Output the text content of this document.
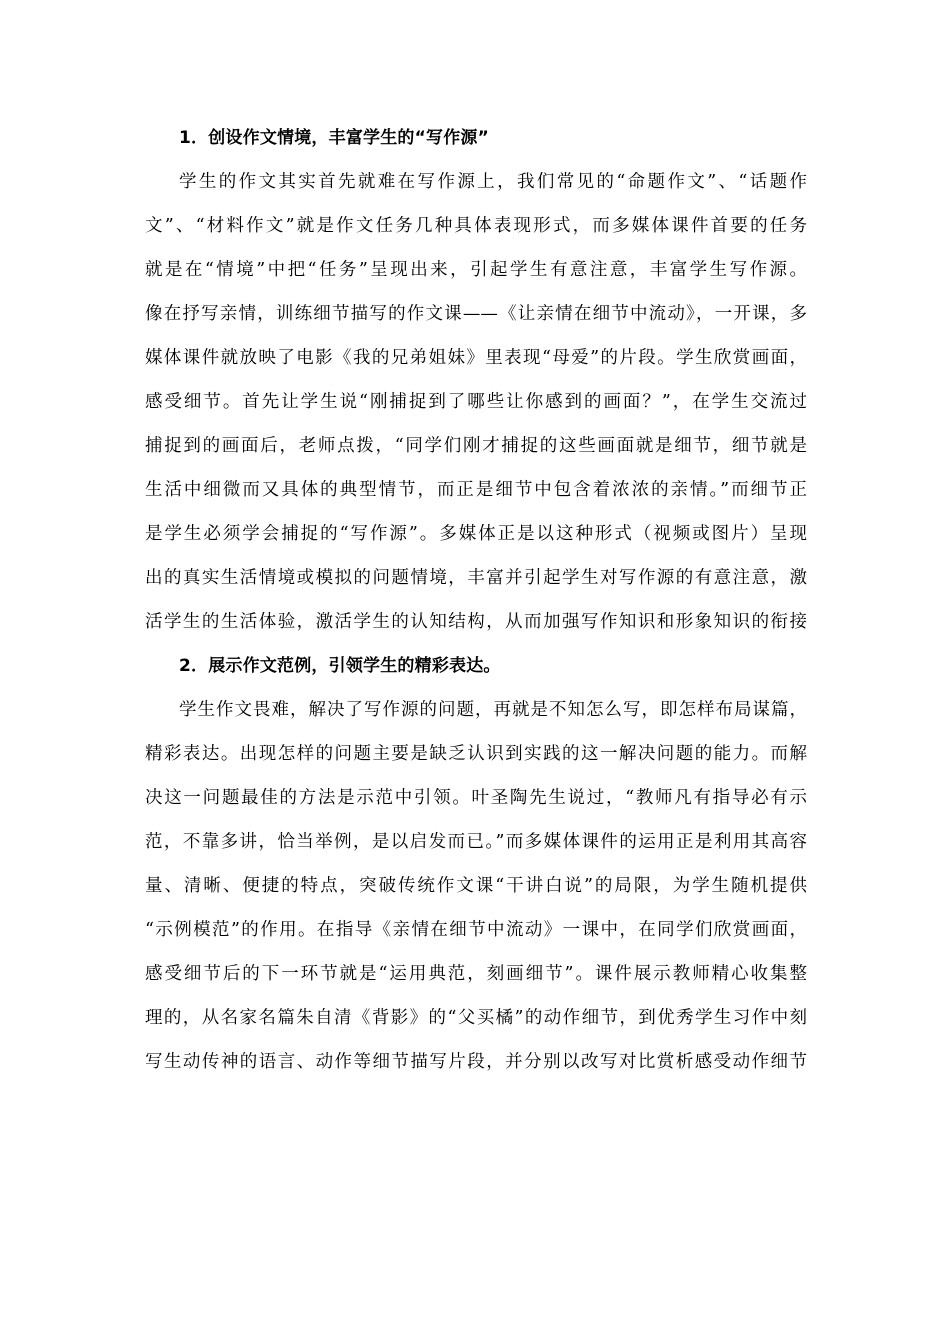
1．创设作文情境，丰富学生的“写作源”
学生的作文其实首先就难在写作源上，我们常见的“命题作文”、“话题作
文”、“材料作文”就是作文任务几种具体表现形式，而多媒体课件首要的任务
就是在“情境”中把“任务”呈现出来，引起学生有意注意，丰富学生写作源。
像在抒写亲情，训练细节描写的作文课——《让亲情在细节中流动》，一开课，多
媒体课件就放映了电影《我的兄弟姐妹》里表现“母爱”的片段。学生欣赏画面，
感受细节。首先让学生说“刚捕捉到了哪些让你感到的画面？”，在学生交流过
捕捉到的画面后，老师点拨，“同学们刚才捕捉的这些画面就是细节，细节就是
生活中细微而又具体的典型情节，而正是细节中包含着浓浓的亲情。”而细节正
是学生必须学会捕捉的“写作源”。多媒体正是以这种形式（视频或图片）呈现
出的真实生活情境或模拟的问题情境，丰富并引起学生对写作源的有意注意，激
活学生的生活体验，激活学生的认知结构，从而加强写作知识和形象知识的衔接
2．展示作文范例，引领学生的精彩表达。
学生作文畏难，解决了写作源的问题，再就是不知怎么写，即怎样布局谋篇，
精彩表达。出现怎样的问题主要是缺乏认识到实践的这一解决问题的能力。而解
决这一问题最佳的方法是示范中引领。叶圣陶先生说过，“教师凡有指导必有示
范，不靠多讲，恰当举例，是以启发而已。”而多媒体课件的运用正是利用其高容
量、清晰、便捷的特点，突破传统作文课“干讲白说”的局限，为学生随机提供
“示例模范”的作用。在指导《亲情在细节中流动》一课中，在同学们欣赏画面，
感受细节后的下一环节就是“运用典范，刻画细节”。课件展示教师精心收集整
理的，从名家名篇朱自清《背影》的“父买橘”的动作细节，到优秀学生习作中刻
写生动传神的语言、动作等细节描写片段，并分别以改写对比赏析感受动作细节
